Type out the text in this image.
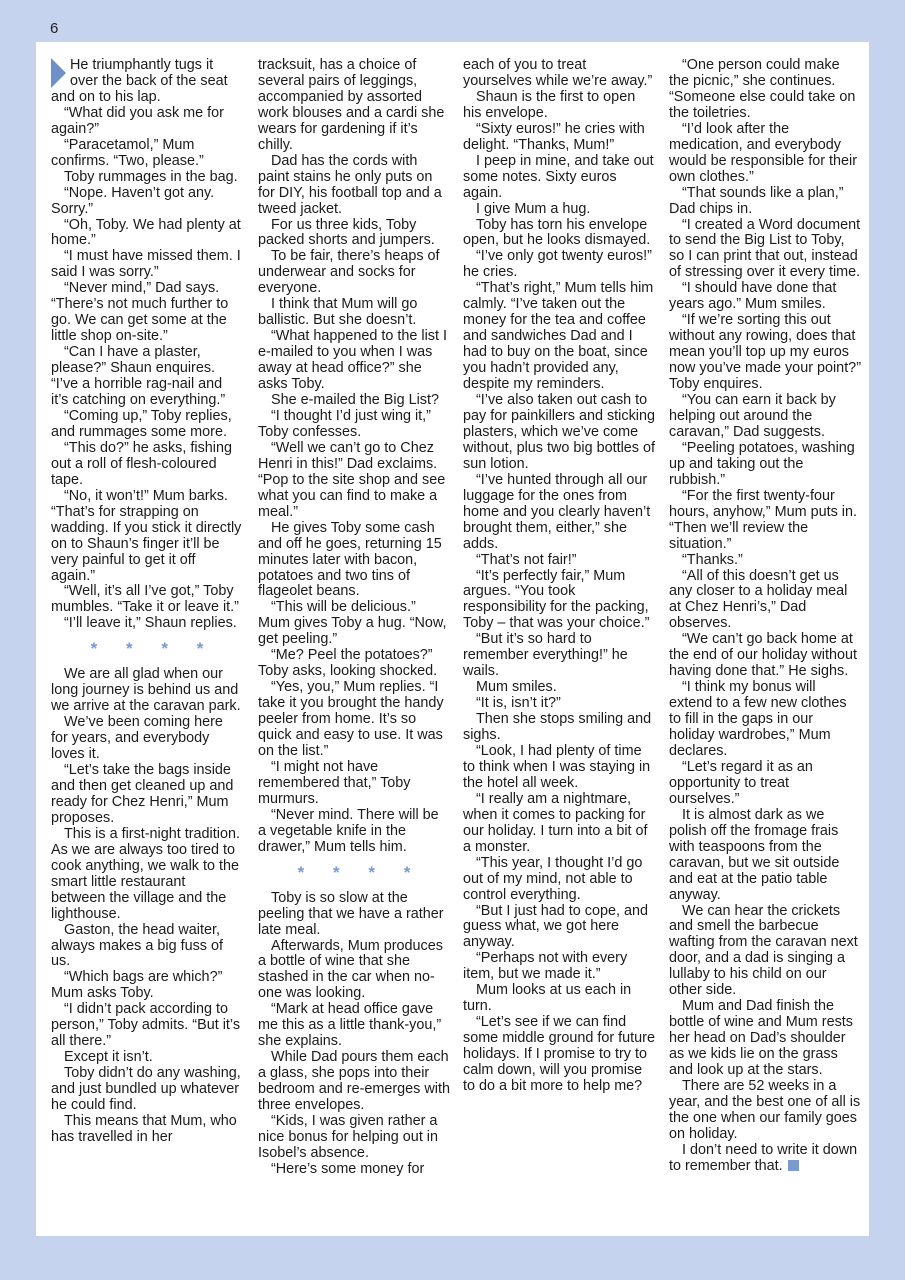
6

He triumphantly tugs it over the back of the seat and on to his lap.

“What did you ask me for again?”

“Paracetamol,” Mum confirms. “Two, please.”

Toby rummages in the bag.

“Nope. Haven’t got any. Sorry.”

“Oh, Toby. We had plenty at home.”

“I must have missed them. I said I was sorry.”

“Never mind,” Dad says. “There’s not much further to go. We can get some at the little shop on-site.”

“Can I have a plaster, please?” Shaun enquires. “I’ve a horrible rag-nail and it’s catching on everything.”

“Coming up,” Toby replies, and rummages some more.

“This do?” he asks, fishing out a roll of flesh-coloured tape.

“No, it won’t!” Mum barks. “That’s for strapping on wadding. If you stick it directly on to Shaun’s finger it’ll be very painful to get it off again.”

“Well, it’s all I’ve got,” Toby mumbles. “Take it or leave it.”

“I’ll leave it,” Shaun replies.

* * * *

We are all glad when our long journey is behind us and we arrive at the caravan park.

We’ve been coming here for years, and everybody loves it.

“Let’s take the bags inside and then get cleaned up and ready for Chez Henri,” Mum proposes.

This is a first-night tradition. As we are always too tired to cook anything, we walk to the smart little restaurant between the village and the lighthouse.

Gaston, the head waiter, always makes a big fuss of us.

“Which bags are which?” Mum asks Toby.

“I didn’t pack according to person,” Toby admits. “But it’s all there.”

Except it isn’t.

Toby didn’t do any washing, and just bundled up whatever he could find.

This means that Mum, who has travelled in her

tracksuit, has a choice of several pairs of leggings, accompanied by assorted work blouses and a cardi she wears for gardening if it’s chilly.

Dad has the cords with paint stains he only puts on for DIY, his football top and a tweed jacket.

For us three kids, Toby packed shorts and jumpers.

To be fair, there’s heaps of underwear and socks for everyone.

I think that Mum will go ballistic. But she doesn’t.

“What happened to the list I e-mailed to you when I was away at head office?” she asks Toby.

She e-mailed the Big List?

“I thought I’d just wing it,” Toby confesses.

“Well we can’t go to Chez Henri in this!” Dad exclaims. “Pop to the site shop and see what you can find to make a meal.”

He gives Toby some cash and off he goes, returning 15 minutes later with bacon, potatoes and two tins of flageolet beans.

“This will be delicious.” Mum gives Toby a hug. “Now, get peeling.”

“Me? Peel the potatoes?” Toby asks, looking shocked.

“Yes, you,” Mum replies. “I take it you brought the handy peeler from home. It’s so quick and easy to use. It was on the list.”

“I might not have remembered that,” Toby murmurs.

“Never mind. There will be a vegetable knife in the drawer,” Mum tells him.

* * * *

Toby is so slow at the peeling that we have a rather late meal.

Afterwards, Mum produces a bottle of wine that she stashed in the car when no-one was looking.

“Mark at head office gave me this as a little thank-you,” she explains.

While Dad pours them each a glass, she pops into their bedroom and re-emerges with three envelopes.

“Kids, I was given rather a nice bonus for helping out in Isobel’s absence.

“Here’s some money for

each of you to treat yourselves while we’re away.”

Shaun is the first to open his envelope.

“Sixty euros!” he cries with delight. “Thanks, Mum!”

I peep in mine, and take out some notes. Sixty euros again.

I give Mum a hug.

Toby has torn his envelope open, but he looks dismayed.

“I’ve only got twenty euros!” he cries.

“That’s right,” Mum tells him calmly. “I’ve taken out the money for the tea and coffee and sandwiches Dad and I had to buy on the boat, since you hadn’t provided any, despite my reminders.

“I’ve also taken out cash to pay for painkillers and sticking plasters, which we’ve come without, plus two big bottles of sun lotion.

“I’ve hunted through all our luggage for the ones from home and you clearly haven’t brought them, either,” she adds.

“That’s not fair!”

“It’s perfectly fair,” Mum argues. “You took responsibility for the packing, Toby – that was your choice.”

“But it’s so hard to remember everything!” he wails.

Mum smiles.

“It is, isn’t it?”

Then she stops smiling and sighs.

“Look, I had plenty of time to think when I was staying in the hotel all week.

“I really am a nightmare, when it comes to packing for our holiday. I turn into a bit of a monster.

“This year, I thought I’d go out of my mind, not able to control everything.

“But I just had to cope, and guess what, we got here anyway.

“Perhaps not with every item, but we made it.”

Mum looks at us each in turn.

“Let’s see if we can find some middle ground for future holidays. If I promise to try to calm down, will you promise to do a bit more to help me?

“One person could make the picnic,” she continues. “Someone else could take on the toiletries.

“I’d look after the medication, and everybody would be responsible for their own clothes.”

“That sounds like a plan,” Dad chips in.

“I created a Word document to send the Big List to Toby, so I can print that out, instead of stressing over it every time.

“I should have done that years ago.” Mum smiles.

“If we’re sorting this out without any rowing, does that mean you’ll top up my euros now you’ve made your point?” Toby enquires.

“You can earn it back by helping out around the caravan,” Dad suggests.

“Peeling potatoes, washing up and taking out the rubbish.”

“For the first twenty-four hours, anyhow,” Mum puts in. “Then we’ll review the situation.”

“Thanks.”

“All of this doesn’t get us any closer to a holiday meal at Chez Henri’s,” Dad observes.

“We can’t go back home at the end of our holiday without having done that.” He sighs.

“I think my bonus will extend to a few new clothes to fill in the gaps in our holiday wardrobes,” Mum declares.

“Let’s regard it as an opportunity to treat ourselves.”

It is almost dark as we polish off the fromage frais with teaspoons from the caravan, but we sit outside and eat at the patio table anyway.

We can hear the crickets and smell the barbecue wafting from the caravan next door, and a dad is singing a lullaby to his child on our other side.

Mum and Dad finish the bottle of wine and Mum rests her head on Dad’s shoulder as we kids lie on the grass and look up at the stars.

There are 52 weeks in a year, and the best one of all is the one when our family goes on holiday.

I don’t need to write it down to remember that.
